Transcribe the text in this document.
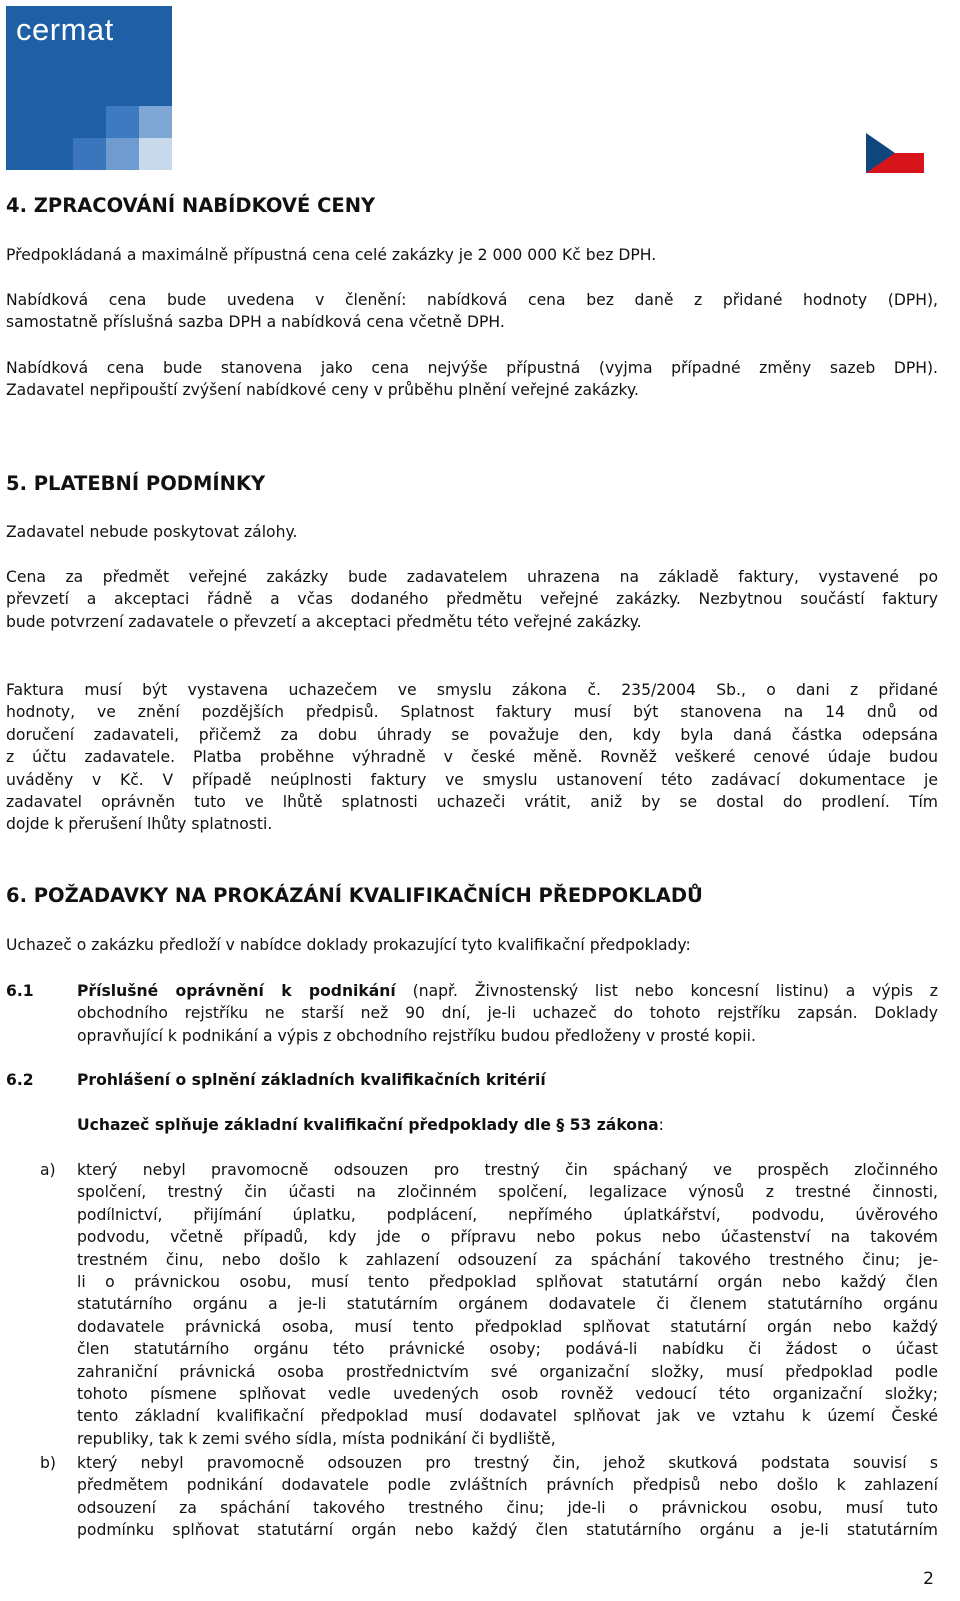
cermat
4. ZPRACOVÁNÍ NABÍDKOVÉ CENY
Předpokládaná a maximálně přípustná cena celé zakázky je 2 000 000 Kč bez DPH.
Nabídková cena bude uvedena v členění: nabídková cena bez daně z přidané hodnoty (DPH),
samostatně příslušná sazba DPH a nabídková cena včetně DPH.
Nabídková cena bude stanovena jako cena nejvýše přípustná (vyjma případné změny sazeb DPH).
Zadavatel nepřipouští zvýšení nabídkové ceny v průběhu plnění veřejné zakázky.
5. PLATEBNÍ PODMÍNKY
Zadavatel nebude poskytovat zálohy.
Cena za předmět veřejné zakázky bude zadavatelem uhrazena na základě faktury, vystavené po
převzetí a akceptaci řádně a včas dodaného předmětu veřejné zakázky. Nezbytnou součástí faktury
bude potvrzení zadavatele o převzetí a akceptaci předmětu této veřejné zakázky.
Faktura musí být vystavena uchazečem ve smyslu zákona č. 235/2004 Sb., o dani z přidané
hodnoty, ve znění pozdějších předpisů. Splatnost faktury musí být stanovena na 14 dnů od
doručení zadavateli, přičemž za dobu úhrady se považuje den, kdy byla daná částka odepsána
z účtu zadavatele. Platba proběhne výhradně v české měně. Rovněž veškeré cenové údaje budou
uváděny v Kč. V případě neúplnosti faktury ve smyslu ustanovení této zadávací dokumentace je
zadavatel oprávněn tuto ve lhůtě splatnosti uchazeči vrátit, aniž by se dostal do prodlení. Tím
dojde k přerušení lhůty splatnosti.
6. POŽADAVKY NA PROKÁZÁNÍ KVALIFIKAČNÍCH PŘEDPOKLADŮ
Uchazeč o zakázku předloží v nabídce doklady prokazující tyto kvalifikační předpoklady:
6.1	Příslušné oprávnění k podnikání (např. Živnostenský list nebo koncesní listinu) a výpis z
obchodního rejstříku ne starší než 90 dní, je-li uchazeč do tohoto rejstříku zapsán. Doklady
opravňující k podnikání a výpis z obchodního rejstříku budou předloženy v prosté kopii.
6.2	Prohlášení o splnění základních kvalifikačních kritérií
Uchazeč splňuje základní kvalifikační předpoklady dle § 53 zákona:
a) který nebyl pravomocně odsouzen pro trestný čin spáchaný ve prospěch zločinného
spolčení, trestný čin účasti na zločinném spolčení, legalizace výnosů z trestné činnosti,
podílnictví, přijímání úplatku, podplácení, nepřímého úplatkářství, podvodu, úvěrového
podvodu, včetně případů, kdy jde o přípravu nebo pokus nebo účastenství na takovém
trestném činu, nebo došlo k zahlazení odsouzení za spáchání takového trestného činu; je-
li o právnickou osobu, musí tento předpoklad splňovat statutární orgán nebo každý člen
statutárního orgánu a je-li statutárním orgánem dodavatele či členem statutárního orgánu
dodavatele právnická osoba, musí tento předpoklad splňovat statutární orgán nebo každý
člen statutárního orgánu této právnické osoby; podává-li nabídku či žádost o účast
zahraniční právnická osoba prostřednictvím své organizační složky, musí předpoklad podle
tohoto písmene splňovat vedle uvedených osob rovněž vedoucí této organizační složky;
tento základní kvalifikační předpoklad musí dodavatel splňovat jak ve vztahu k území České
republiky, tak k zemi svého sídla, místa podnikání či bydliště,
b) který nebyl pravomocně odsouzen pro trestný čin, jehož skutková podstata souvisí s
předmětem podnikání dodavatele podle zvláštních právních předpisů nebo došlo k zahlazení
odsouzení za spáchání takového trestného činu; jde-li o právnickou osobu, musí tuto
podmínku splňovat statutární orgán nebo každý člen statutárního orgánu a je-li statutárním
2
